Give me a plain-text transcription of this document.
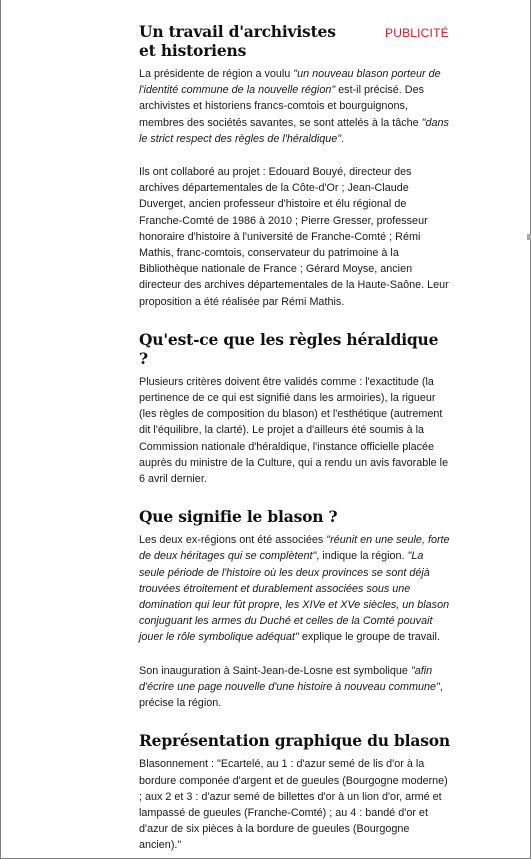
PUBLICITÉ
Un travail d'archivistes et historiens

La présidente de région a voulu "un nouveau blason porteur de l'identité commune de la nouvelle région" est-il précisé. Des archivistes et historiens francs-comtois et bourguignons, membres des sociétés savantes, se sont attelés à la tâche "dans le strict respect des règles de l'héraldique".

Ils ont collaboré au projet : Edouard Bouyé, directeur des archives départementales de la Côte-d'Or ; Jean-Claude Duverget, ancien professeur d'histoire et élu régional de Franche-Comté de 1986 à 2010 ; Pierre Gresser, professeur honoraire d'histoire à l'université de Franche-Comté ; Rémi Mathis, franc-comtois, conservateur du patrimoine à la Bibliothèque nationale de France ; Gérard Moyse, ancien directeur des archives départementales de la Haute-Saône. Leur proposition a été réalisée par Rémi Mathis.

Qu'est-ce que les règles héraldique ?

Plusieurs critères doivent être validés comme : l'exactitude (la pertinence de ce qui est signifié dans les armoiries), la rigueur (les règles de composition du blason) et l'esthétique (autrement dit l'équilibre, la clarté). Le projet a d'ailleurs été soumis à la Commission nationale d'héraldique, l'instance officielle placée auprès du ministre de la Culture, qui a rendu un avis favorable le 6 avril dernier.

Que signifie le blason ?

Les deux ex-régions ont été associées "réunit en une seule, forte de deux héritages qui se complètent", indique la région. "La seule période de l'histoire où les deux provinces se sont déjà trouvées étroitement et durablement associées sous une domination qui leur fût propre, les XIVe et XVe siècles, un blason conjuguant les armes du Duché et celles de la Comté pouvait jouer le rôle symbolique adéquat" explique le groupe de travail.

Son inauguration à Saint-Jean-de-Losne est symbolique "afin d'écrire une page nouvelle d'une histoire à nouveau commune", précise la région.

Représentation graphique du blason

Blasonnement : "Ecartelé, au 1 : d'azur semé de lis d'or à la bordure componée d'argent et de gueules (Bourgogne moderne) ; aux 2 et 3 : d'azur semé de billettes d'or à un lion d'or, armé et lampassé de gueules (Franche-Comté) ; au 4 : bandé d'or et d'azur de six pièces à la bordure de gueules (Bourgogne ancien)."
